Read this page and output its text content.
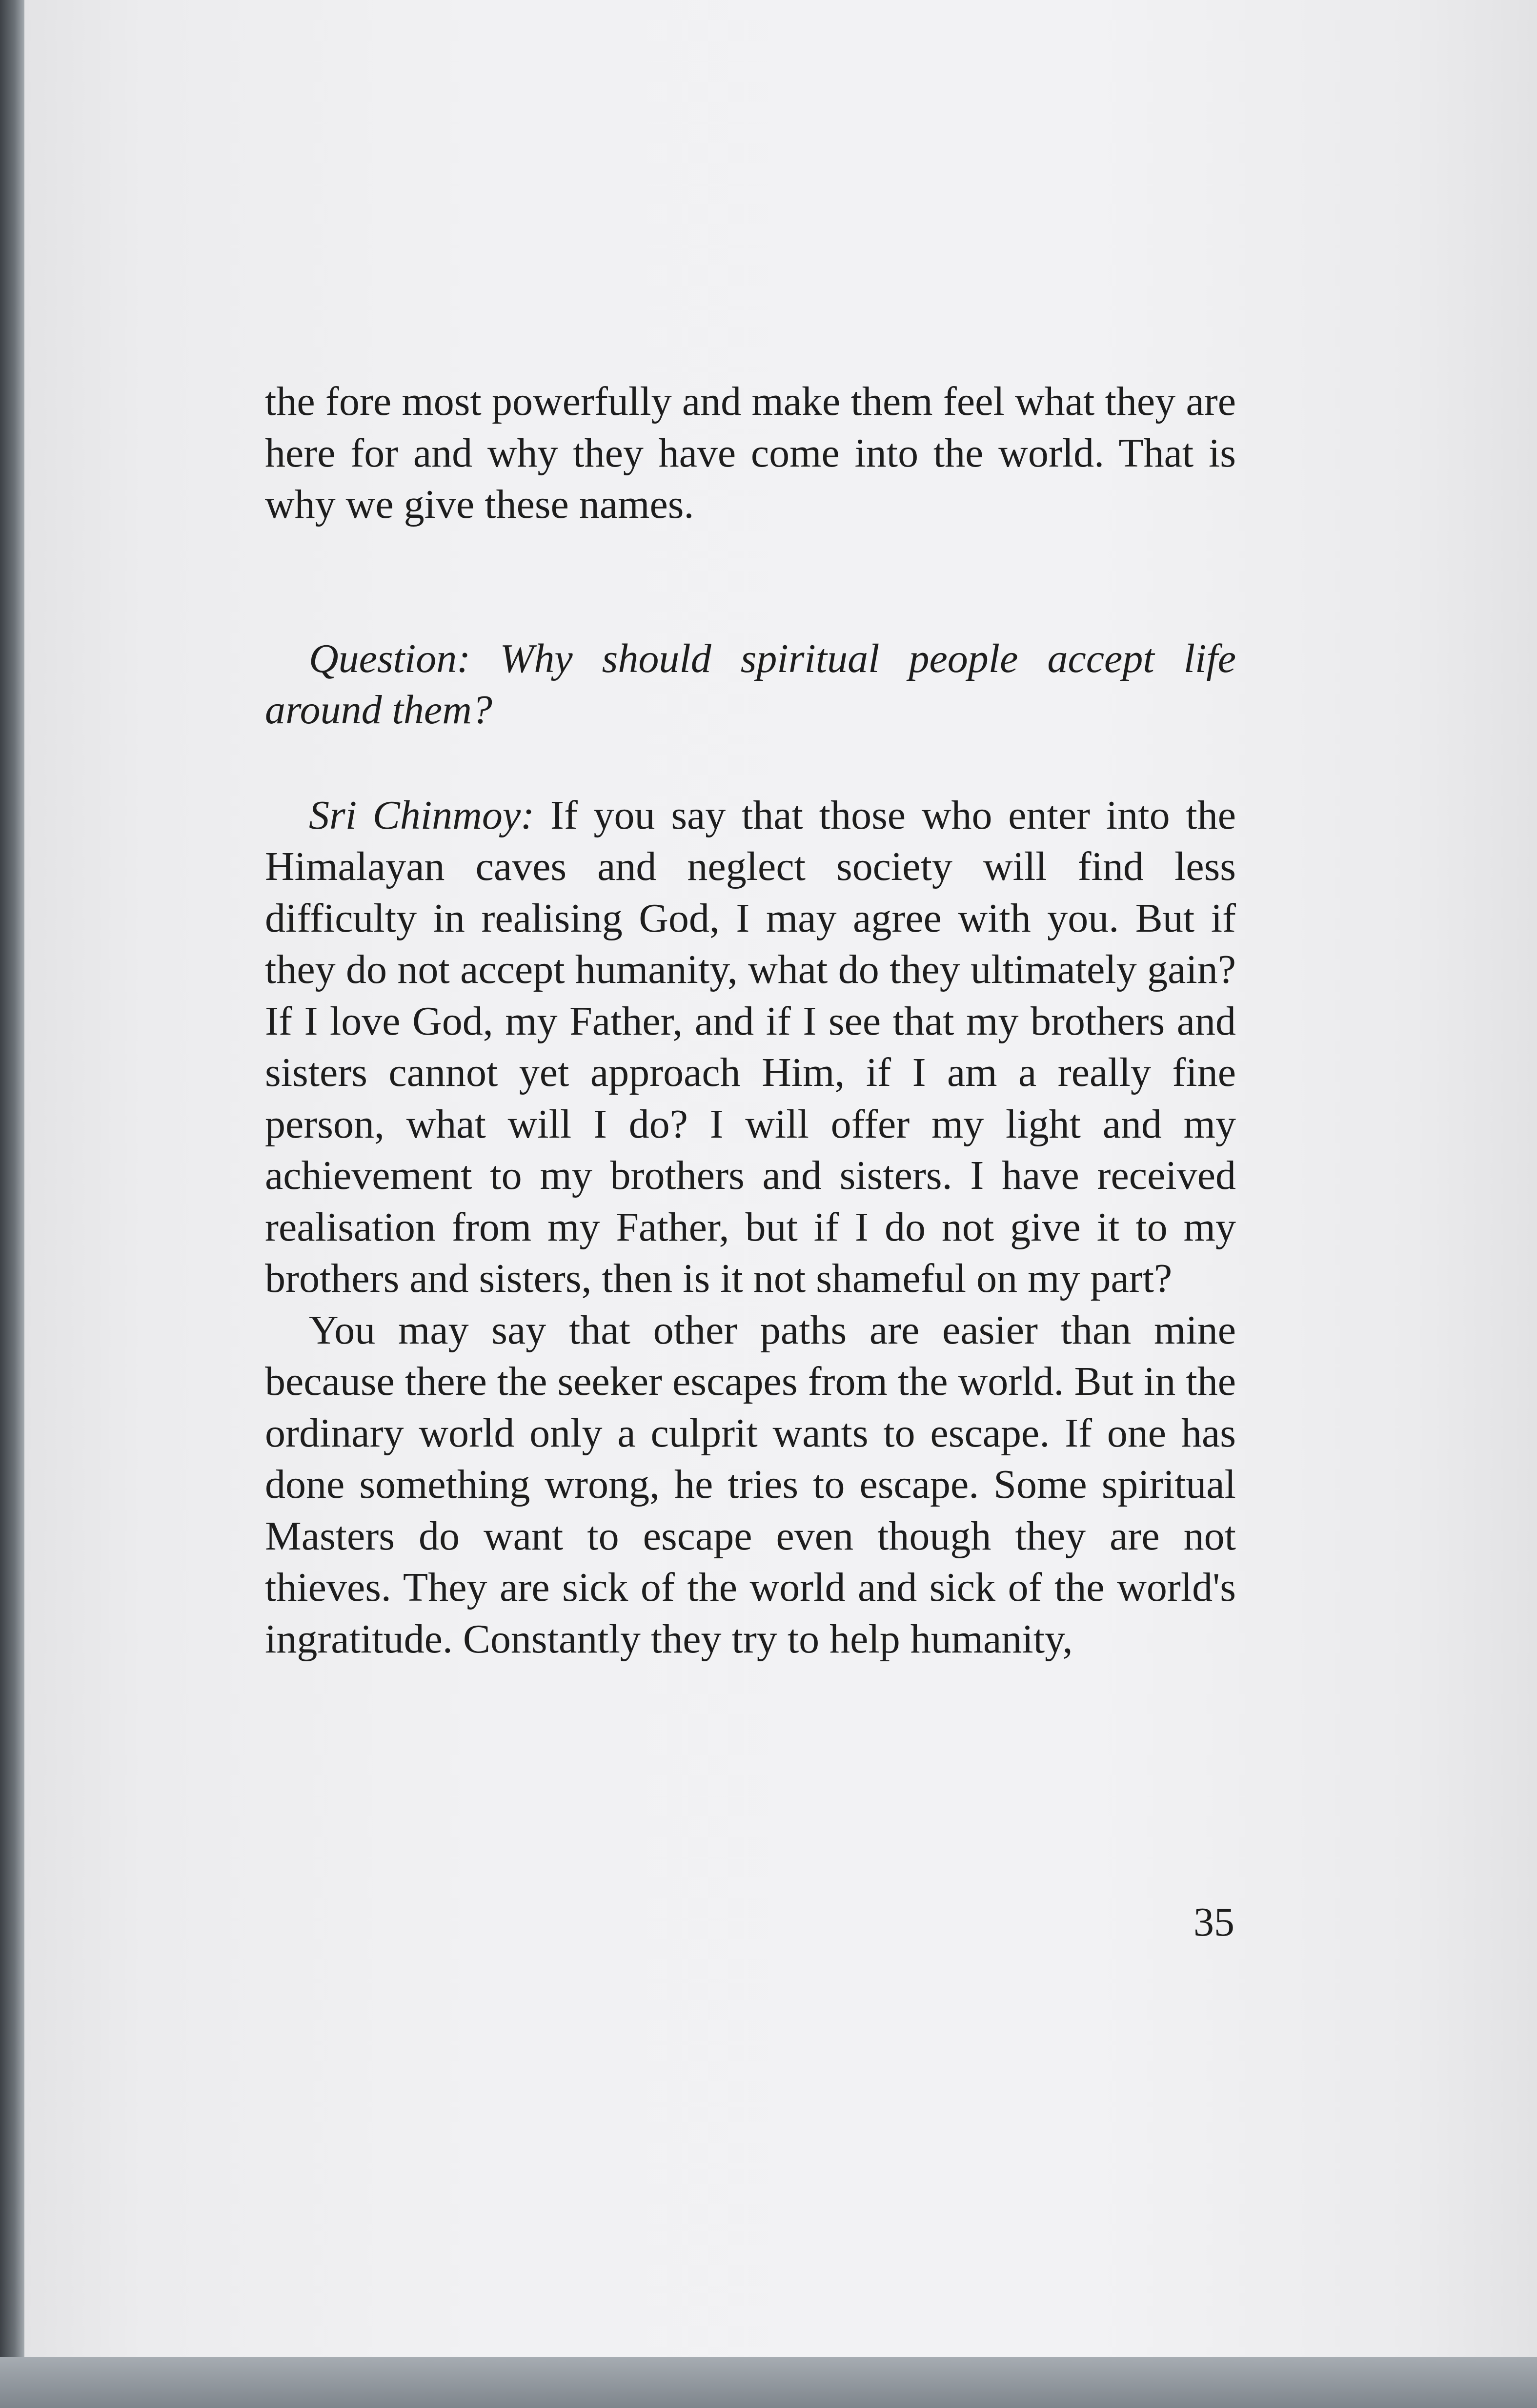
the fore most powerfully and make them feel what they are here for and why they have come into the world. That is why we give these names.

Question: Why should spiritual people accept life around them?

Sri Chinmoy: If you say that those who enter into the Himalayan caves and neglect society will find less difficulty in realising God, I may agree with you. But if they do not accept humanity, what do they ultimately gain? If I love God, my Father, and if I see that my brothers and sisters cannot yet approach Him, if I am a really fine person, what will I do? I will offer my light and my achievement to my brothers and sisters. I have received realisation from my Father, but if I do not give it to my brothers and sisters, then is it not shameful on my part?

You may say that other paths are easier than mine because there the seeker escapes from the world. But in the ordinary world only a culprit wants to escape. If one has done something wrong, he tries to escape. Some spiritual Masters do want to escape even though they are not thieves. They are sick of the world and sick of the world's ingratitude. Constantly they try to help humanity,

35
